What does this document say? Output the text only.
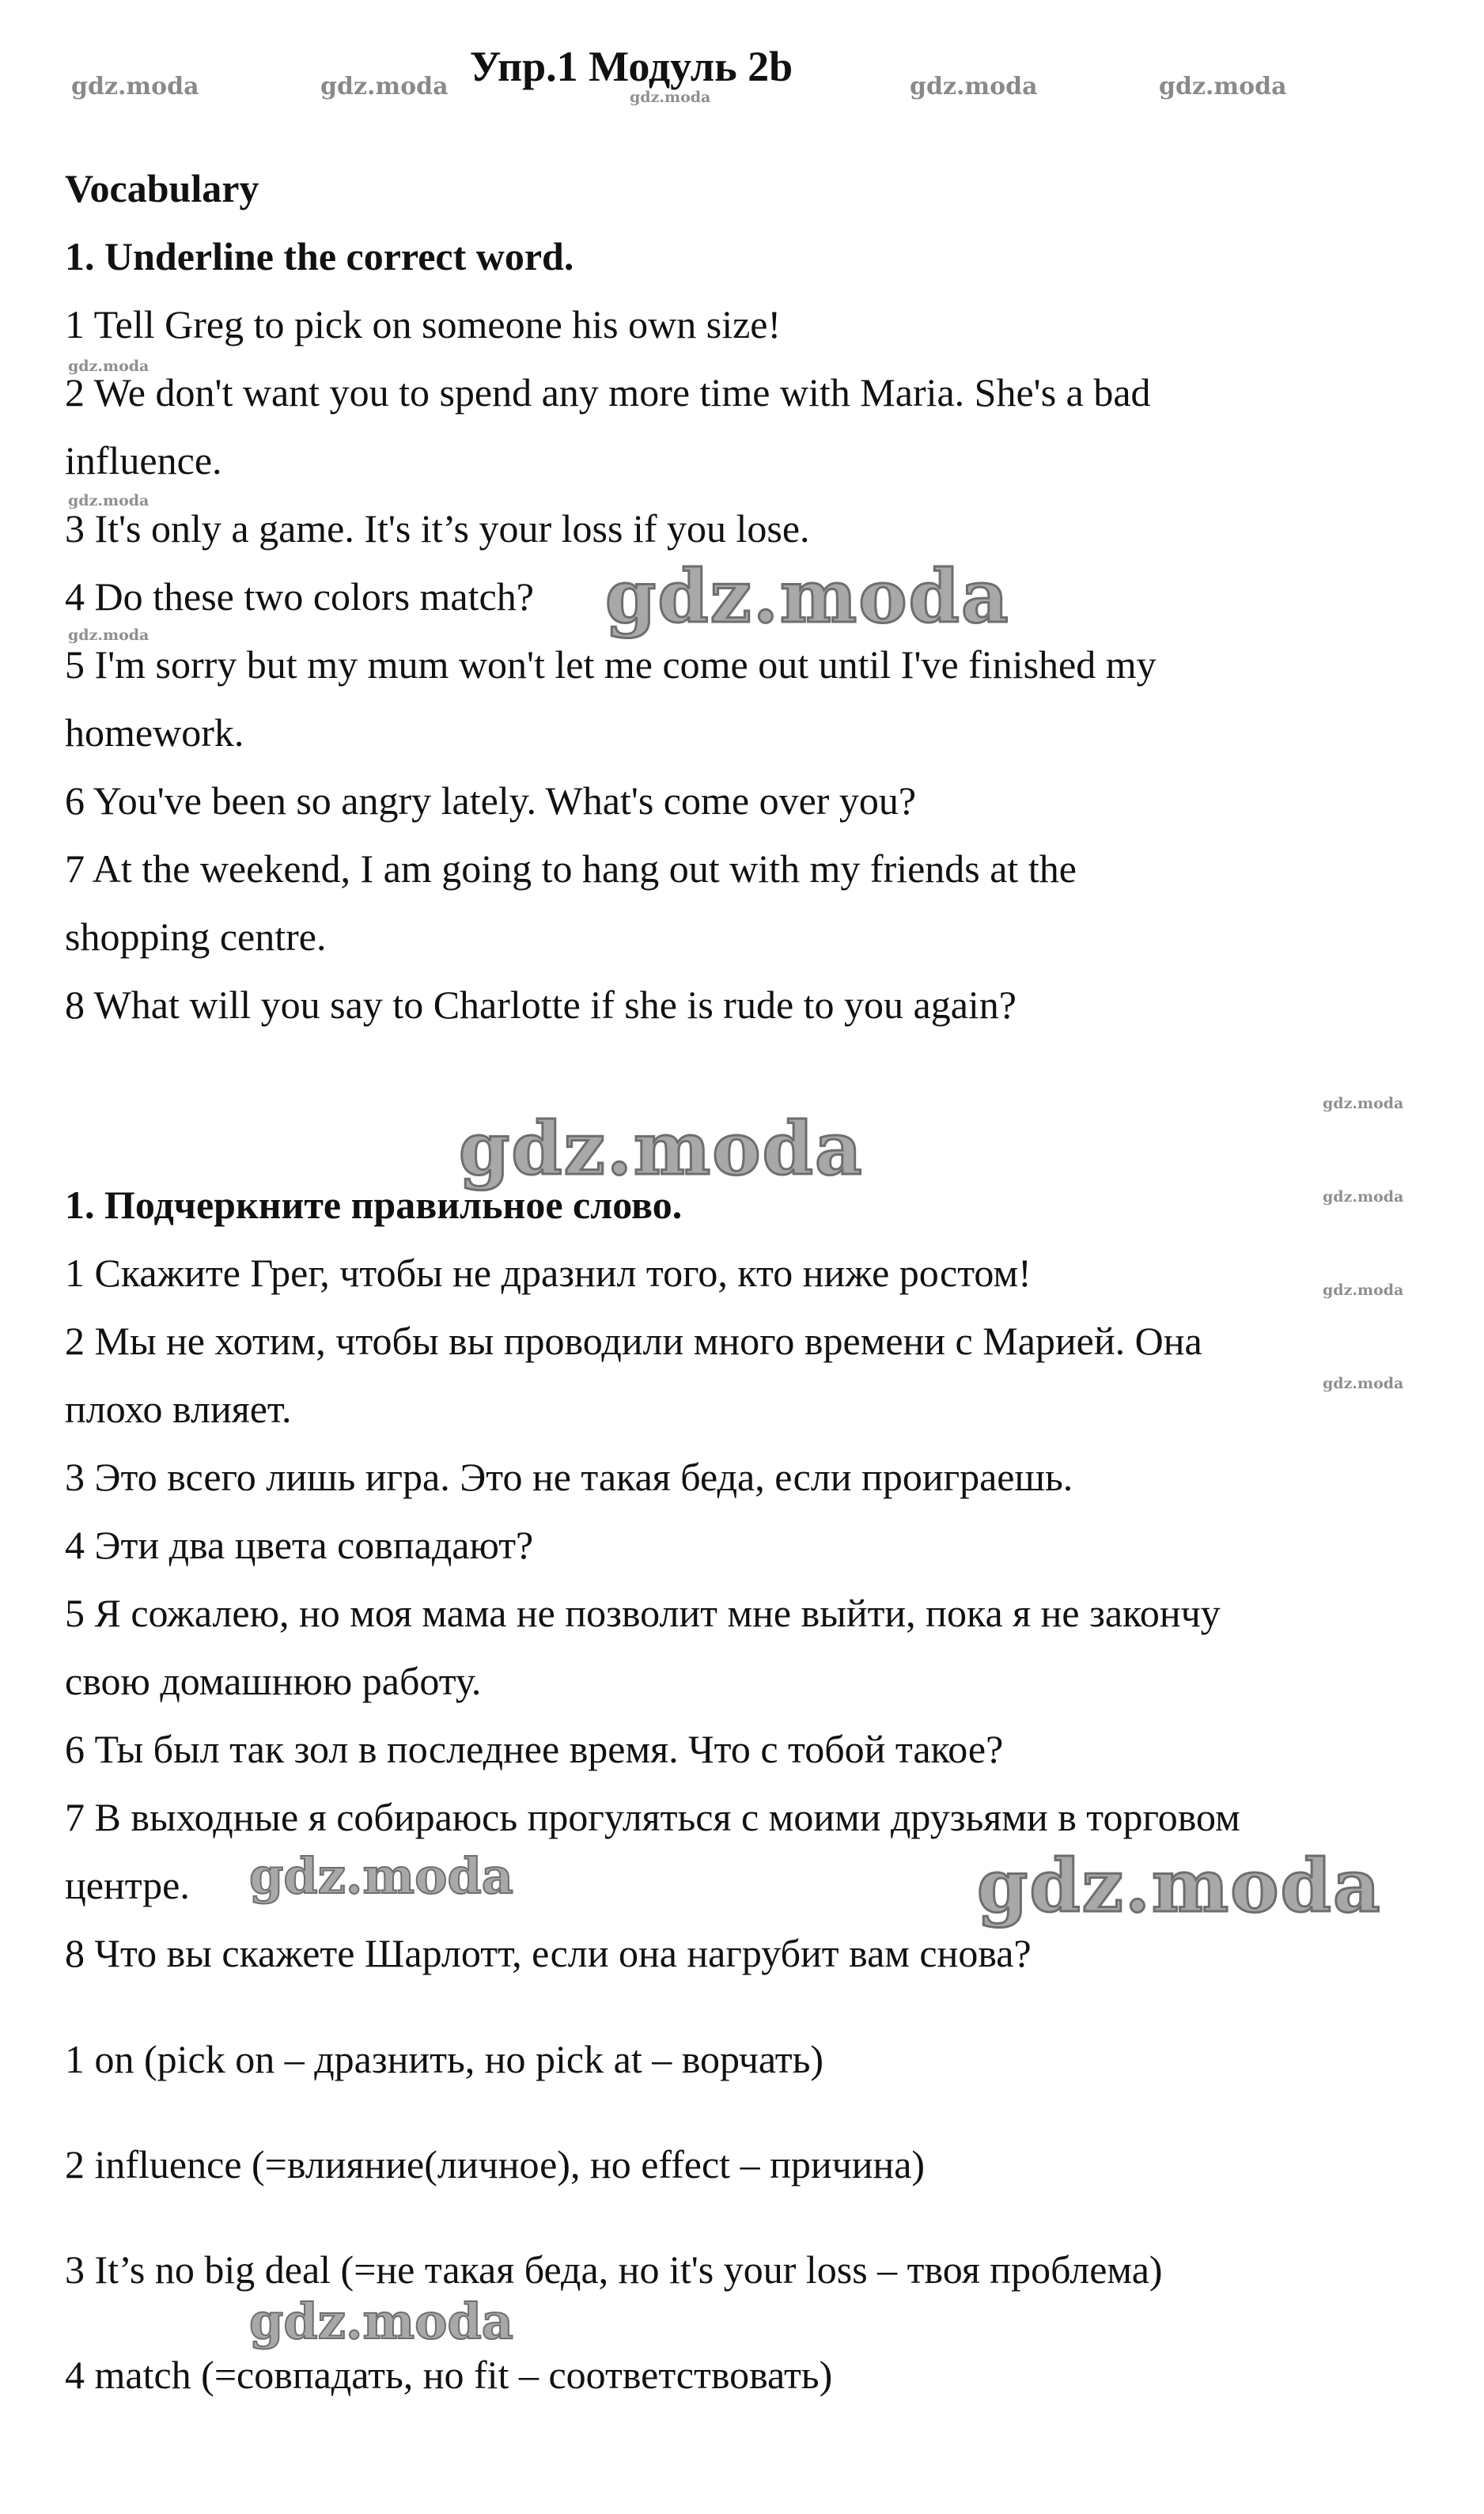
gdz.moda	gdz.moda	gdz.moda	gdz.moda
Упр.1 Модуль 2b
gdz.moda
Vocabulary
1. Underline the correct word.
1 Tell Greg to pick on someone his own size!
2 We don't want you to spend any more time with Maria. She's a bad
influence.
3 It's only a game. It's it’s your loss if you lose.
4 Do these two colors match?
5 I'm sorry but my mum won't let me come out until I've finished my
homework.
6 You've been so angry lately. What's come over you?
7 At the weekend, I am going to hang out with my friends at the
shopping centre.
8 What will you say to Charlotte if she is rude to you again?
gdz.moda
gdz.moda
gdz.moda	gdz.moda
gdz.moda
gdz.moda
gdz.moda
gdz.moda
gdz.moda
1. Подчеркните правильное слово.
1 Скажите Грег, чтобы не дразнил того, кто ниже ростом!
2 Мы не хотим, чтобы вы проводили много времени с Марией. Она
плохо влияет.
3 Это всего лишь игра. Это не такая беда, если проиграешь.
4 Эти два цвета совпадают?
5 Я сожалею, но моя мама не позволит мне выйти, пока я не закончу
свою домашнюю работу.
6 Ты был так зол в последнее время. Что с тобой такое?
7 В выходные я собираюсь прогуляться с моими друзьями в торговом
центре.
8 Что вы скажете Шарлотт, если она нагрубит вам снова?
gdz.moda	gdz.moda
1 on (pick on – дразнить, но pick at – ворчать)
2 influence (=влияние(личное), но effect – причина)
3 It’s no big deal (=не такая беда, но it's your loss – твоя проблема)
gdz.moda
4 match (=совпадать, но fit – соответствовать)
